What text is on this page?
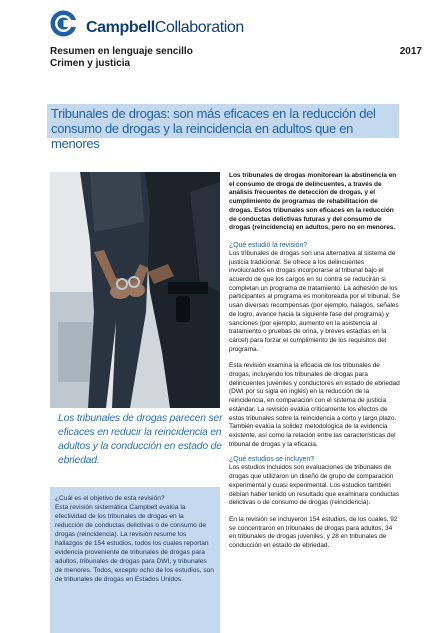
CampbellCollaboration
Resumen en lenguaje sencillo
Crimen y justicia
2017
Tribunales de drogas: son más eficaces en la reducción del consumo de drogas y la reincidencia en adultos que en menores
Los tribunales de drogas parecen ser eficaces en reducir la reincidencia en adultos y la conducción en estado de ebriedad.
¿Cuál es el objetivo de esta revisión?
Esta revisión sistemática Campbell evalúa la efectividad de los tribunales de drogas en la reducción de conductas delictivas o de consumo de drogas (reincidencia). La revisión resume los hallazgos de 154 estudios, todos los cuales reportan evidencia proveniente de tribunales de drogas para adultos, tribunales de drogas para DWI, y tribunales de menores. Todos, excepto ocho de los estudios, son de tribunales de drogas en Estados Unidos.

Los tribunales de drogas monitorean la abstinencia en el consumo de droga de delincuentes, a través de análisis frecuentes de detección de drogas, y el cumplimiento de programas de rehabilitación de drogas. Estos tribunales son eficaces en la reducción de conductas delictivas futuras y del consumo de drogas (reincidencia) en adultos, pero no en menores.

¿Qué estudió la revisión?

Los tribunales de drogas son una alternativa al sistema de justicia tradicional. Se ofrece a los delincuentes involucrados en drogas incorporarse al tribunal bajo el acuerdo de que los cargos en su contra se reducirán si completan un programa de tratamiento. La adhesión de los participantes al programa es monitoreada por el tribunal. Se usan diversas recompensas (por ejemplo, halagos, señales de logro, avance hacia la siguiente fase del programa) y sanciones (por ejemplo, aumento en la asistencia al tratamiento o pruebas de orina, y breves estadías en la cárcel) para forzar el cumplimiento de los requisitos del programa.

Esta revisión examina la eficacia de los tribunales de drogas, incluyendo los tribunales de drogas para delincuentes juveniles y conductores en estado de ebriedad (DWI por su sigla en inglés) en la reducción de la reincidencia, en comparación con el sistema de justicia estándar. La revisión evalúa críticamente los efectos de estos tribunales sobre la reincidencia a corto y largo plazo. También evalúa la solidez metodológica de la evidencia existente, así como la relación entre las características del tribunal de drogas y la eficacia.

¿Qué estudios se incluyen?

Los estudios incluidos son evaluaciones de tribunales de drogas que utilizaron un diseño de grupo de comparación experimental y cuasi experimental. Los estudios también debían haber tenido un resultado que examinara conductas delictivas o de consumo de drogas (reincidencia).

En la revisión se incluyeron 154 estudios, de los cuales, 92 se concentraron en tribunales de drogas para adultos, 34 en tribunales de drogas juveniles, y 28 en tribunales de conducción en estado de ebriedad.
